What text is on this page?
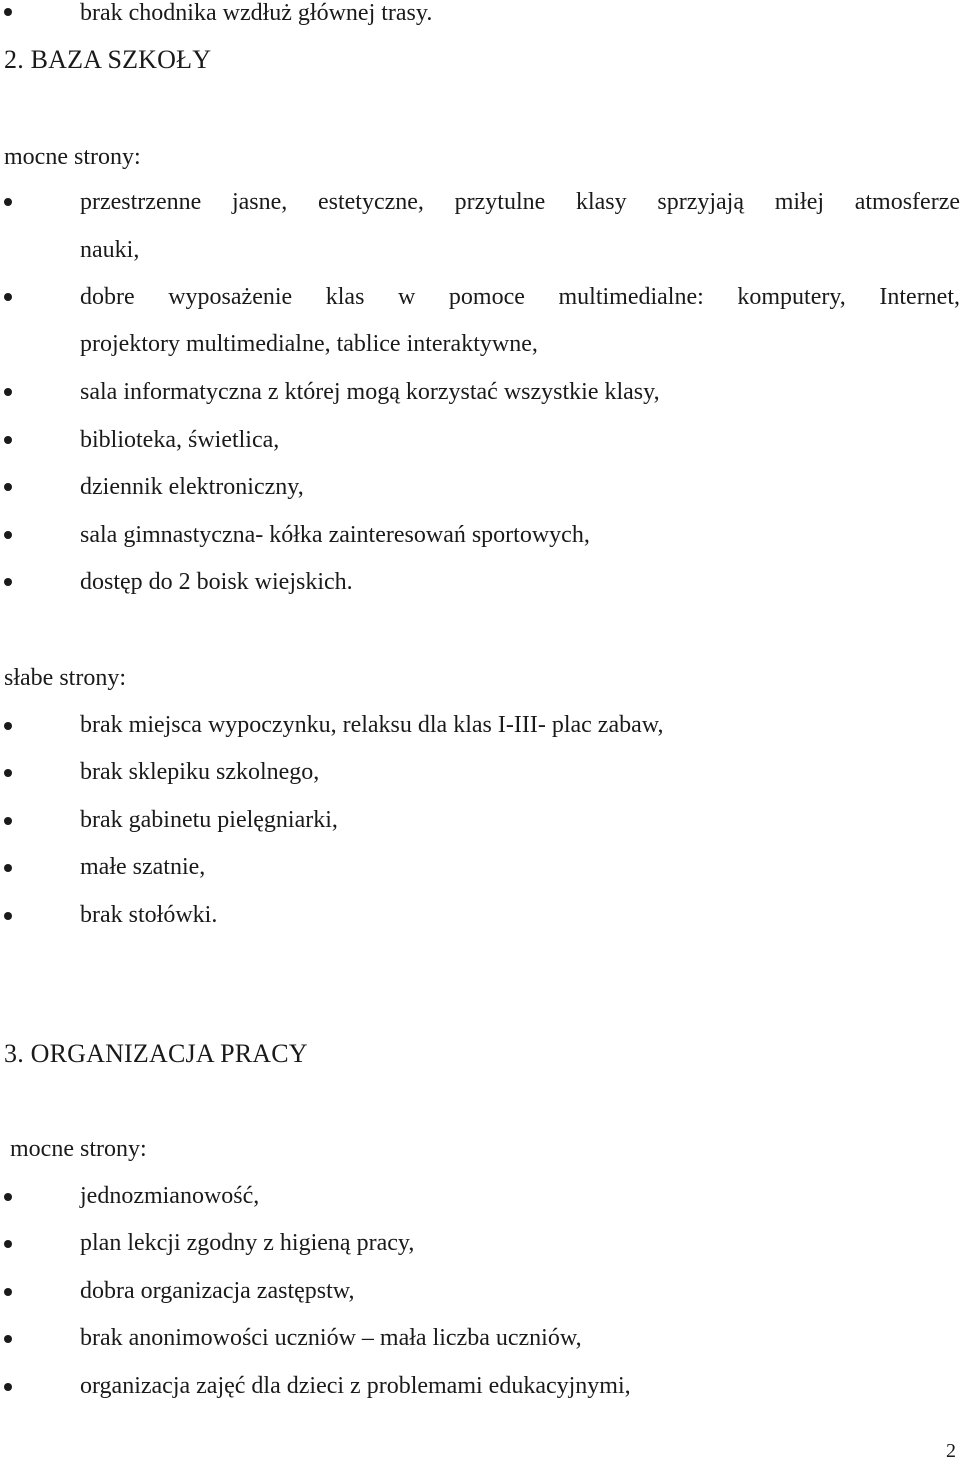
brak chodnika wzdłuż głównej trasy.
2. BAZA SZKOŁY
mocne strony:
przestrzenne jasne, estetyczne, przytulne klasy sprzyjają miłej atmosferze
nauki,
dobre wyposażenie klas w pomoce multimedialne: komputery, Internet,
projektory multimedialne, tablice interaktywne,
sala informatyczna z której mogą korzystać wszystkie klasy,
biblioteka, świetlica,
dziennik elektroniczny,
sala gimnastyczna- kółka zainteresowań sportowych,
dostęp do 2 boisk wiejskich.
słabe strony:
brak miejsca wypoczynku, relaksu dla klas I-III- plac zabaw,
brak sklepiku szkolnego,
brak gabinetu pielęgniarki,
małe szatnie,
brak stołówki.
3. ORGANIZACJA PRACY
mocne strony:
jednozmianowość,
plan lekcji zgodny z higieną pracy,
dobra organizacja zastępstw,
brak anonimowości uczniów – mała liczba uczniów,
organizacja zajęć dla dzieci z problemami edukacyjnymi,
2
